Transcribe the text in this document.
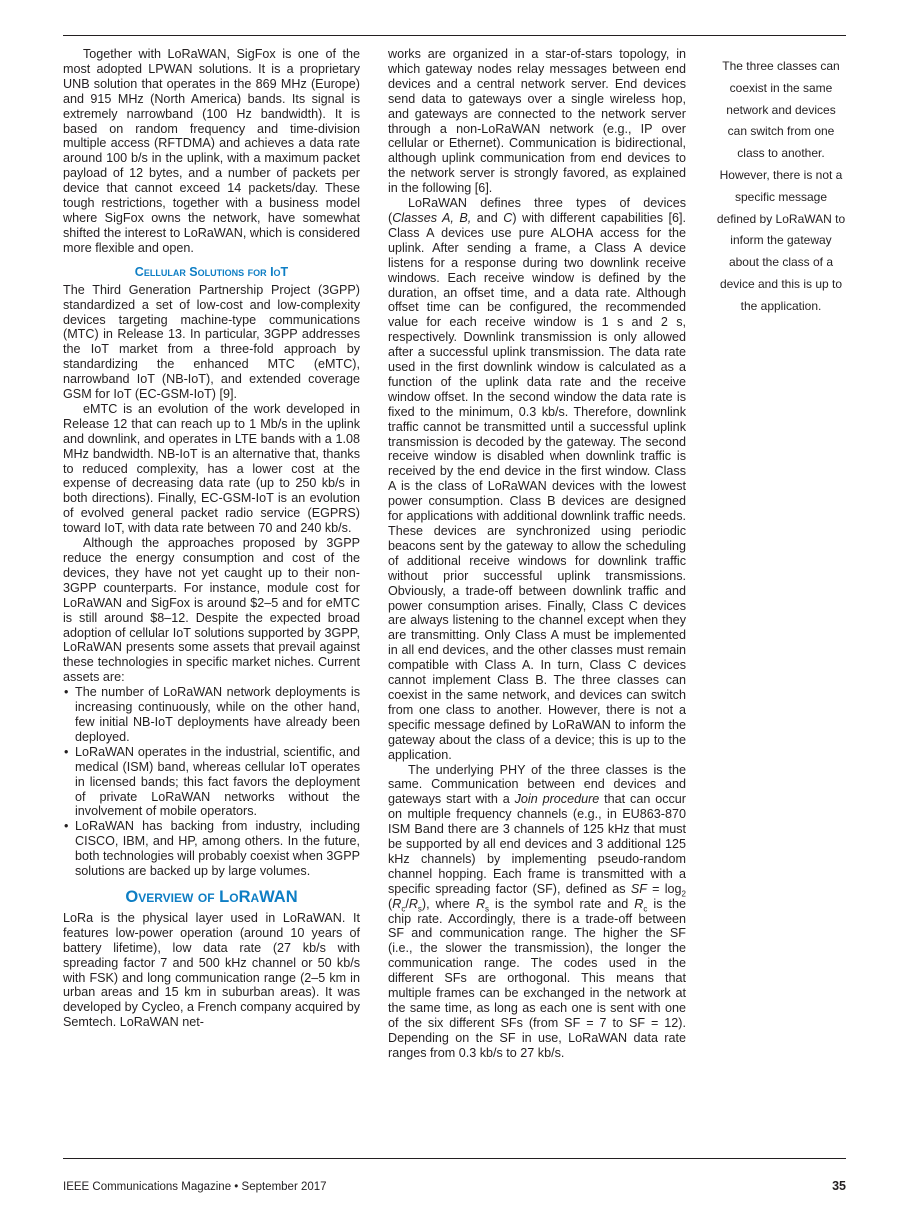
Together with LoRaWAN, SigFox is one of the most adopted LPWAN solutions. It is a proprietary UNB solution that operates in the 869 MHz (Europe) and 915 MHz (North America) bands. Its signal is extremely narrowband (100 Hz bandwidth). It is based on random frequency and time-division multiple access (RFTDMA) and achieves a data rate around 100 b/s in the uplink, with a maximum packet payload of 12 bytes, and a number of packets per device that cannot exceed 14 packets/day. These tough restrictions, together with a business model where SigFox owns the network, have somewhat shifted the interest to LoRaWAN, which is considered more flexible and open.

Cellular Solutions for IoT

The Third Generation Partnership Project (3GPP) standardized a set of low-cost and low-complexity devices targeting machine-type communications (MTC) in Release 13. In particular, 3GPP addresses the IoT market from a three-fold approach by standardizing the enhanced MTC (eMTC), narrowband IoT (NB-IoT), and extended coverage GSM for IoT (EC-GSM-IoT) [9].

eMTC is an evolution of the work developed in Release 12 that can reach up to 1 Mb/s in the uplink and downlink, and operates in LTE bands with a 1.08 MHz bandwidth. NB-IoT is an alternative that, thanks to reduced complexity, has a lower cost at the expense of decreasing data rate (up to 250 kb/s in both directions). Finally, EC-GSM-IoT is an evolution of evolved general packet radio service (EGPRS) toward IoT, with data rate between 70 and 240 kb/s.

Although the approaches proposed by 3GPP reduce the energy consumption and cost of the devices, they have not yet caught up to their non-3GPP counterparts. For instance, module cost for LoRaWAN and SigFox is around $2–5 and for eMTC is still around $8–12. Despite the expected broad adoption of cellular IoT solutions supported by 3GPP, LoRaWAN presents some assets that prevail against these technologies in specific market niches. Current assets are:

• The number of LoRaWAN network deployments is increasing continuously, while on the other hand, few initial NB-IoT deployments have already been deployed.
• LoRaWAN operates in the industrial, scientific, and medical (ISM) band, whereas cellular IoT operates in licensed bands; this fact favors the deployment of private LoRaWAN networks without the involvement of mobile operators.
• LoRaWAN has backing from industry, including CISCO, IBM, and HP, among others. In the future, both technologies will probably coexist when 3GPP solutions are backed up by large volumes.
Overview of LoRaWAN

LoRa is the physical layer used in LoRaWAN. It features low-power operation (around 10 years of battery lifetime), low data rate (27 kb/s with spreading factor 7 and 500 kHz channel or 50 kb/s with FSK) and long communication range (2–5 km in urban areas and 15 km in suburban areas). It was developed by Cycleo, a French company acquired by Semtech. LoRaWAN net-

works are organized in a star-of-stars topology, in which gateway nodes relay messages between end devices and a central network server. End devices send data to gateways over a single wireless hop, and gateways are connected to the network server through a non-LoRaWAN network (e.g., IP over cellular or Ethernet). Communication is bidirectional, although uplink communication from end devices to the network server is strongly favored, as explained in the following [6].

LoRaWAN defines three types of devices (Classes A, B, and C) with different capabilities [6]. Class A devices use pure ALOHA access for the uplink. After sending a frame, a Class A device listens for a response during two downlink receive windows. Each receive window is defined by the duration, an offset time, and a data rate. Although offset time can be configured, the recommended value for each receive window is 1 s and 2 s, respectively. Downlink transmission is only allowed after a successful uplink transmission. The data rate used in the first downlink window is calculated as a function of the uplink data rate and the receive window offset. In the second window the data rate is fixed to the minimum, 0.3 kb/s. Therefore, downlink traffic cannot be transmitted until a successful uplink transmission is decoded by the gateway. The second receive window is disabled when downlink traffic is received by the end device in the first window. Class A is the class of LoRaWAN devices with the lowest power consumption. Class B devices are designed for applications with additional downlink traffic needs. These devices are synchronized using periodic beacons sent by the gateway to allow the scheduling of additional receive windows for downlink traffic without prior successful uplink transmissions. Obviously, a trade-off between downlink traffic and power consumption arises. Finally, Class C devices are always listening to the channel except when they are transmitting. Only Class A must be implemented in all end devices, and the other classes must remain compatible with Class A. In turn, Class C devices cannot implement Class B. The three classes can coexist in the same network, and devices can switch from one class to another. However, there is not a specific message defined by LoRaWAN to inform the gateway about the class of a device; this is up to the application.

The underlying PHY of the three classes is the same. Communication between end devices and gateways start with a Join procedure that can occur on multiple frequency channels (e.g., in EU863-870 ISM Band there are 3 channels of 125 kHz that must be supported by all end devices and 3 additional 125 kHz channels) by implementing pseudo-random channel hopping. Each frame is transmitted with a specific spreading factor (SF), defined as SF = $\log_2 (R_c/R_s)$, where $R_s$ is the symbol rate and $R_c$ is the chip rate. Accordingly, there is a trade-off between SF and communication range. The higher the SF (i.e., the slower the transmission), the longer the communication range. The codes used in the different SFs are orthogonal. This means that multiple frames can be exchanged in the network at the same time, as long as each one is sent with one of the six different SFs (from SF = 7 to SF = 12). Depending on the SF in use, LoRaWAN data rate ranges from 0.3 kb/s to 27 kb/s.

The three classes can coexist in the same network and devices can switch from one class to another. However, there is not a specific message defined by LoRaWAN to inform the gateway about the class of a device and this is up to the application.
IEEE Communications Magazine • September 2017	35
